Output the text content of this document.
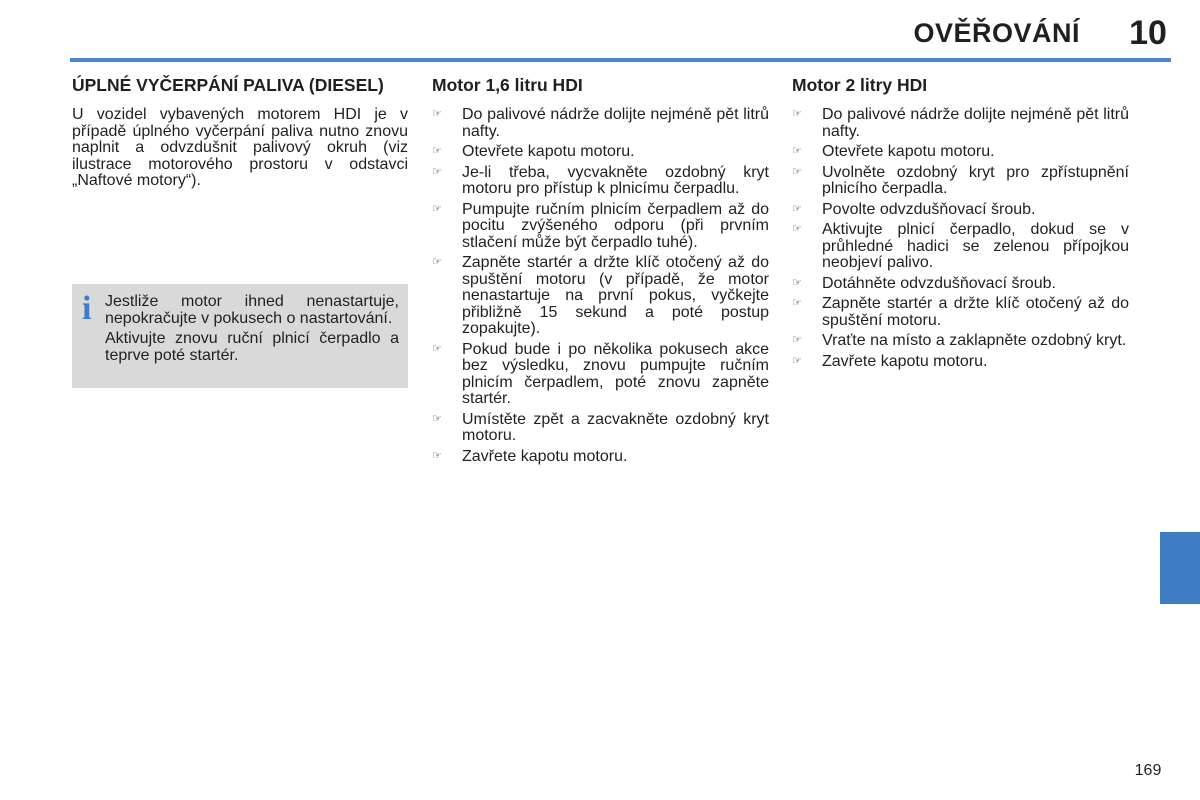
OVĚŘOVÁNÍ	10
ÚPLNÉ VYČERPÁNÍ PALIVA (DIESEL)

U vozidel vybavených motorem HDI je v případě úplného vyčerpání paliva nutno znovu naplnit a odvzdušnit palivový okruh (viz ilustrace motorového prostoru v odstavci „Naftové motory“).

i Jestliže motor ihned nenastartuje, nepokračujte v pokusech o nastartování.

Aktivujte znovu ruční plnicí čerpadlo a teprve poté startér.

Motor 1,6 litru HDI
☞ Do palivové nádrže dolijte nejméně pět litrů nafty.
☞ Otevřete kapotu motoru.
☞ Je-li třeba, vycvakněte ozdobný kryt motoru pro přístup k plnicímu čerpadlu.
☞ Pumpujte ručním plnicím čerpadlem až do pocitu zvýšeného odporu (při prvním stlačení může být čerpadlo tuhé).
☞ Zapněte startér a držte klíč otočený až do spuštění motoru (v případě, že motor nenastartuje na první pokus, vyčkejte přibližně 15 sekund a poté postup zopakujte).
☞ Pokud bude i po několika pokusech akce bez výsledku, znovu pumpujte ručním plnicím čerpadlem, poté znovu zapněte startér.
☞ Umístěte zpět a zacvakněte ozdobný kryt motoru.
☞ Zavřete kapotu motoru.
Motor 2 litry HDI
☞ Do palivové nádrže dolijte nejméně pět litrů nafty.
☞ Otevřete kapotu motoru.
☞ Uvolněte ozdobný kryt pro zpřístupnění plnicího čerpadla.
☞ Povolte odvzdušňovací šroub.
☞ Aktivujte plnicí čerpadlo, dokud se v průhledné hadici se zelenou přípojkou neobjeví palivo.
☞ Dotáhněte odvzdušňovací šroub.
☞ Zapněte startér a držte klíč otočený až do spuštění motoru.
☞ Vraťte na místo a zaklapněte ozdobný kryt.
☞ Zavřete kapotu motoru.
169
